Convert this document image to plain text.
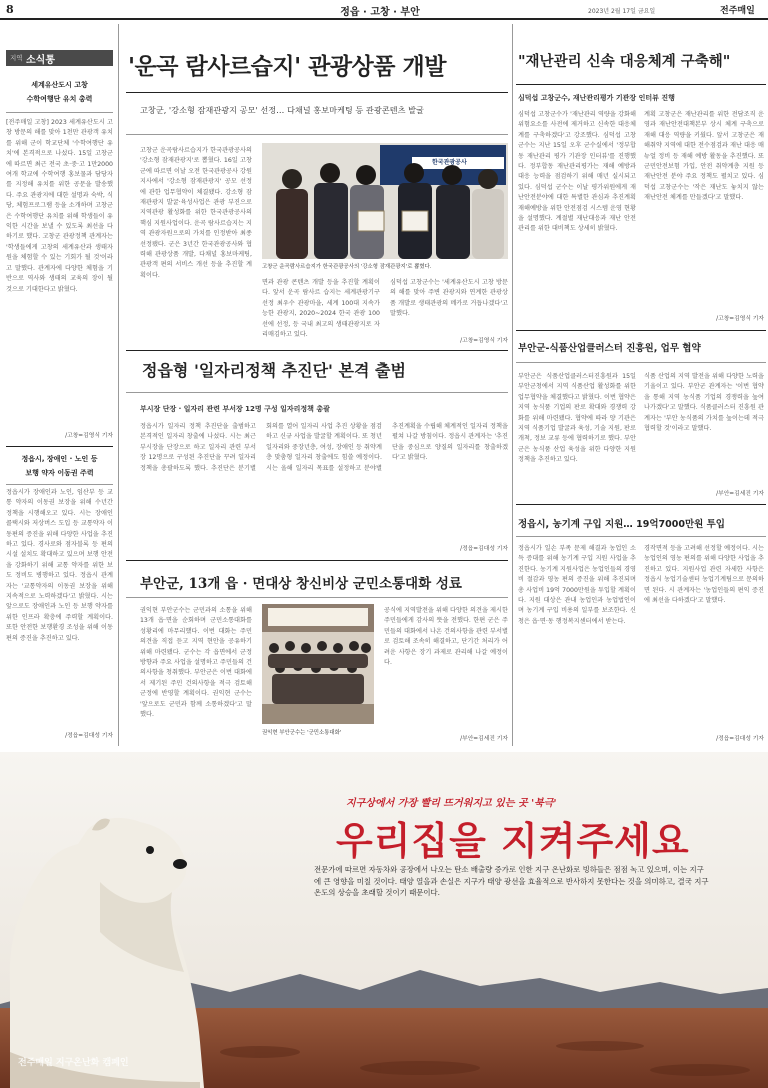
8	정읍 · 고창 · 부안	2023년 2월 17일 금요일	전주매일
지역 소식통
세계유산도시 고창
수학여행단 유치 총력
[전주매일 고창] 2023 세계유산도시 고창 방문의 해를 맞아 1천만 관광객 유치를 위해 군이 학교단체 '수학여행단 유치'에 본격적으로 나섰다. 15일 고창군에 따르면 최근 전국 초·중·고 1만2000여개 학교에 수학여행 홍보물과 담당자를 지정해 유치를 위한 공문을 발송했다. 주요 관광지에 대한 설명과 숙박, 식당, 체험프로그램 등을 소개하며 고창군은 수학여행단 유치를 위해 학생들이 유익한 시간을 보낼 수 있도록 최선을 다하기로 했다. 고창군 관광정책 관계자는 '학생들에게 고창의 세계유산과 생태자원을 체험할 수 있는 기회가 될 것'이라고 말했다. 관계자에 다양한 체험을 기반으로 역사와 생태의 교육의 장이 될 것으로 기대한다고 밝혔다.
/고창=김영식 기자
정읍시, 장애인 · 노인 등
보행 약자 이동권 주력
정읍시가 장애인과 노인, 임산부 등 교통 약자의 이동권 보장을 위해 수년간 정책을 시행해오고 있다. 시는 장애인 콜택시와 저상버스 도입 등 교통약자 이동편의 증진을 위해 다양한 사업을 추진하고 있다. 경사로와 점자블록 등 편의시설 설치도 확대하고 있으며 보행 안전을 강화하기 위해 교통 약자를 위한 보도 정비도 병행하고 있다. 정읍시 관계자는 '교통약자의 이동권 보장을 위해 지속적으로 노력하겠다'고 밝혔다. 시는 앞으로도 장애인과 노인 등 보행 약자를 위한 인프라 확충에 주력할 계획이다. 또한 안전한 보행환경 조성을 위해 이동 편의 증진을 추진하고 있다.
/정읍=김대성 기자
'운곡 람사르습지' 관광상품 개발
고창군, '강소형 잠재관광지 공모' 선정… 다채널 홍보마케팅 등 관광콘텐츠 발굴
고창군 운곡람사르습지가 한국관광공사의 '강소형 잠재관광지'로 뽑혔다. 16일 고창군에 따르면 이날 오전 한국관광공사 강원지사에서 '강소형 잠재관광지' 공모 선정에 관한 업무협약이 체결됐다. 강소형 잠재관광지 발굴·육성사업은 관광 부진으로 지역관광 활성화를 위한 한국관광공사의 핵심 지원사업이다. 운곡 람사르습지는 지역 관광자원으로의 가치를 인정받아 최종 선정됐다. 군은 3년간 한국관광공사와 협력해 관광상품 개발, 다채널 홍보마케팅, 관광객 편의 서비스 개선 등을 추진할 계획이다.
한국관광공사
고창군 운곡람사르습지가 한국관광공사의 '강소형 잠재관광지'로 뽑혔다.
면과 관광 콘텐츠 개발 등을 추진할 계획이다. 앞서 운곡 람사르 습지는 세계관광기구 선정 최우수 관광마을, 세계 100대 지속가능한 관광지, 2020~2024 한국 관광 100선에 선정, 등 국내 최고의 생태관광지로 자리매김하고 있다.
심덕섭 고창군수는 '세계유산도시 고창 방문의 해를 맞아 주변 관광지와 연계한 관광상품 개발로 생태관광의 메카로 거듭나겠다'고 말했다.
/고창=김영식 기자
정읍형 '일자리정책 추진단' 본격 출범
부시장 단장 · 일자리 관련 부서장 12명 구성 일자리정책 총괄
정읍시가 일자리 정책 추진단을 출범하고 본격적인 일자리 창출에 나섰다. 시는 최근 부시장을 단장으로 하고 일자리 관련 부서장 12명으로 구성된 추진단을 꾸려 일자리 정책을 총괄하도록 했다. 추진단은 분기별 회의를 열어 일자리 사업 추진 상황을 점검하고 신규 사업을 발굴할 계획이다. 또 청년 일자리와 중장년층, 여성, 장애인 등 취약계층 맞춤형 일자리 창출에도 힘쓸 예정이다. 시는 올해 일자리 목표를 설정하고 분야별 추진계획을 수립해 체계적인 일자리 정책을 펼쳐 나갈 방침이다. 정읍시 관계자는 '추진단을 중심으로 양질의 일자리를 창출하겠다'고 밝혔다.
/정읍=김대성 기자
부안군, 13개 읍 · 면대상 창신비상 군민소통대화 성료
권익현 부안군수는 군민과의 소통을 위해 13개 읍·면을 순회하며 군민소통대화를 성황리에 마무리했다. 이번 대화는 주민 의견을 직접 듣고 지역 현안을 공유하기 위해 마련됐다. 군수는 각 읍면에서 군정 방향과 주요 사업을 설명하고 주민들의 건의사항을 청취했다. 부안군은 이번 대화에서 제기된 주민 건의사항을 적극 검토해 군정에 반영할 계획이다. 권익현 군수는 '앞으로도 군민과 함께 소통하겠다'고 말했다.
권익현 부안군수는 '군민소통대화'
공식에 지역발전을 위해 다양한 의견을 제시한 주민들에게 감사의 뜻을 전했다. 한편 군은 주민들의 대화에서 나온 건의사항을 관련 부서별로 검토해 조속히 해결하고, 단기간 처리가 어려운 사항은 장기 과제로 관리해 나갈 예정이다.
/부안=김세진 기자
"재난관리 신속 대응체계 구축해"
심덕섭 고창군수, 재난관리평가 기관장 인터뷰 진행
심덕섭 고창군수가 '재난관리 역량을 강화해 위험요소를 사전에 제거하고 신속한 대응체계를 구축하겠다'고 강조했다. 심덕섭 고창군수는 지난 15일 오후 군수실에서 '정부합동 재난관리 평가 기관장 인터뷰'를 진행했다. 정부합동 재난관리평가는 재해 예방과 대응 능력을 점검하기 위해 매년 실시되고 있다. 심덕섭 군수는 이날 평가위원에게 재난안전분야에 대한 특별한 관심과 추진계획 재해예방을 위한 안전점검 시스템 운영 현황을 설명했다. 계절별 재난대응과 재난 안전관리를 위한 대비책도 상세히 밝혔다.
계획 고창군은 재난관리를 위한 전담조직 운영과 재난안전대책본부 상시 체계 구축으로 재해 대응 역량을 키웠다. 앞서 고창군은 재해취약 지역에 대한 전수점검과 재난 대응 매뉴얼 정비 등 재해 예방 활동을 추진했다. 또 군민안전보험 가입, 안전 취약계층 지원 등 재난안전 분야 주요 정책도 펼치고 있다. 심덕섭 고창군수는 '작은 재난도 놓치지 않는 재난안전 체계를 만들겠다'고 말했다.
/고창=김영식 기자
부안군-식품산업클러스터 진흥원, 업무 협약
부안군은 식품산업클러스터진흥원과 15일 부안군청에서 지역 식품산업 활성화를 위한 업무협약을 체결했다고 밝혔다. 이번 협약은 지역 농식품 기업의 판로 확대와 경쟁력 강화를 위해 마련됐다. 협약에 따라 양 기관은 지역 식품기업 발굴과 육성, 기술 지원, 판로 개척, 정보 교류 등에 협력하기로 했다. 부안군은 농식품 산업 육성을 위한 다양한 지원 정책을 추진하고 있다.
식품 산업의 지역 발전을 위해 다양한 노력을 기울이고 있다. 부안군 관계자는 '이번 협약을 통해 지역 농식품 기업의 경쟁력을 높여 나가겠다'고 말했다. 식품클러스터 진흥원 관계자는 '부안 농식품의 가치를 높이는데 적극 협력할 것'이라고 말했다.
/부안=김세진 기자
정읍시, 농기계 구입 지원… 19억7000만원 투입
정읍시가 일손 부족 문제 해결과 농업인 소득 증대를 위해 농기계 구입 지원 사업을 추진한다. 농기계 지원사업은 농업인들의 경영비 절감과 영농 편의 증진을 위해 추진되며 총 사업비 19억 7000만원을 투입할 계획이다. 지원 대상은 관내 농업인과 농업법인이며 농기계 구입 비용의 일부를 보조한다. 신청은 읍·면·동 행정복지센터에서 받는다.
경작면적 등을 고려해 선정할 예정이다. 시는 농업인의 영농 편의를 위해 다양한 사업을 추진하고 있다. 지원사업 관련 자세한 사항은 정읍시 농업기술센터 농업기계팀으로 문의하면 된다. 시 관계자는 '농업인들의 편익 증진에 최선을 다하겠다'고 말했다.
/정읍=김대성 기자
지구상에서 가장 빨리 뜨거워지고 있는 곳 '북극'
우리집을 지켜주세요
전문가에 따르면 자동차와 공장에서 나오는 탄소 배출량 증가로 인한 지구 온난화로 빙하들은 점점 녹고 있으며, 이는 지구에 큰 영향을 미칠 것이다. 태양 열을과 손실은 지구가 태양 광선을 효율적으로 반사하지 못한다는 것을 의미하고, 결국 지구 온도의 상승을 초래할 것이기 때문이다.
전주매일 지구온난화 캠페인
